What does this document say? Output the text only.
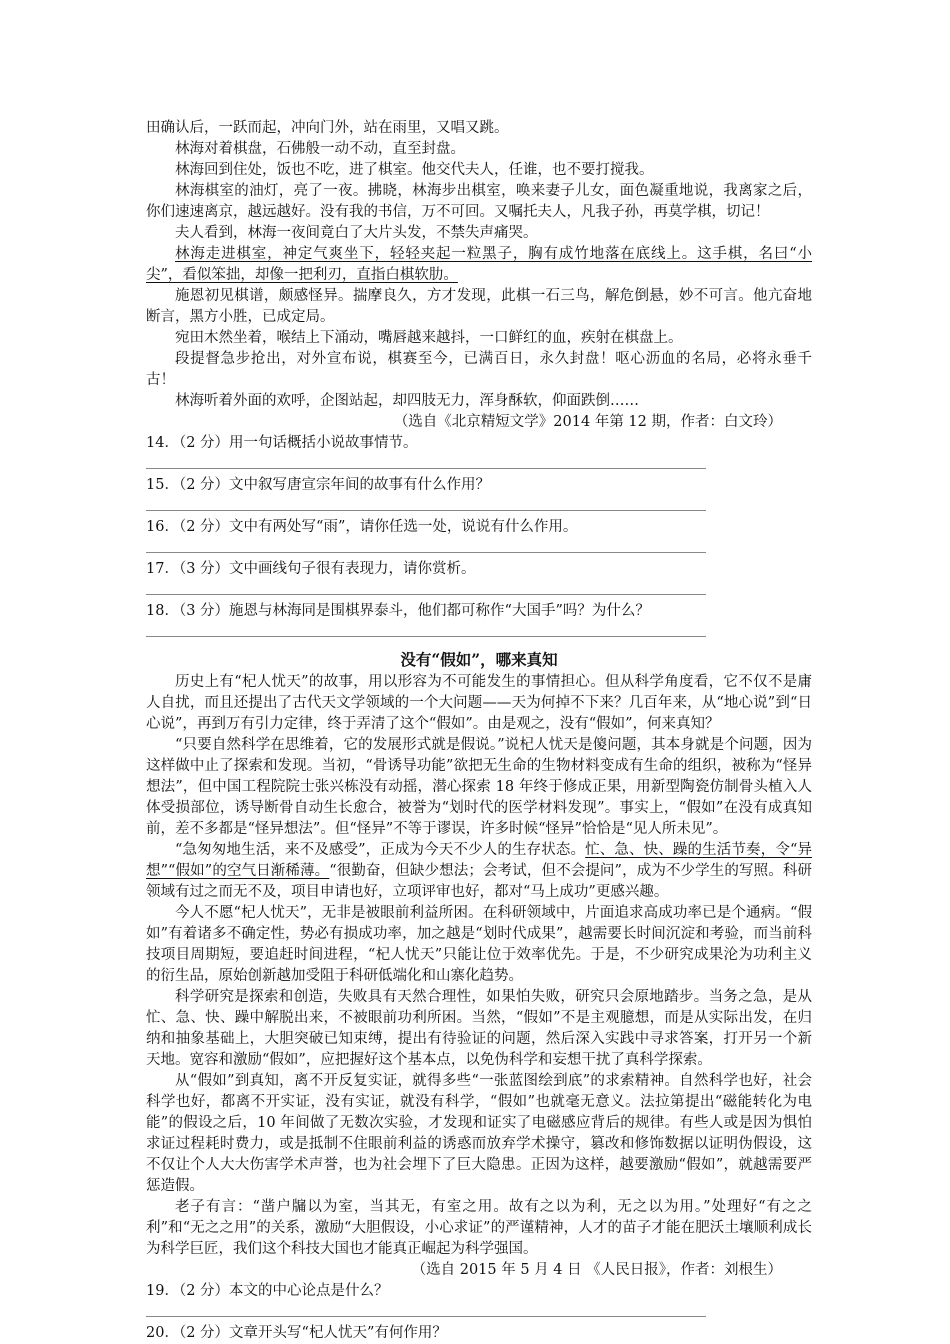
田确认后，一跃而起，冲向门外，站在雨里，又唱又跳。

林海对着棋盘，石佛般一动不动，直至封盘。

林海回到住处，饭也不吃，进了棋室。他交代夫人，任谁，也不要打搅我。

林海棋室的油灯，亮了一夜。拂晓，林海步出棋室，唤来妻子儿女，面色凝重地说，我离家之后，你们速速离京，越远越好。没有我的书信，万不可回。又嘱托夫人，凡我子孙，再莫学棋，切记！

夫人看到，林海一夜间竟白了大片头发，不禁失声痛哭。

林海走进棋室，神定气爽坐下，轻轻夹起一粒黑子，胸有成竹地落在底线上。这手棋，名曰“小尖”，看似笨拙，却像一把利刃，直指白棋软肋。

施恩初见棋谱，颇感怪异。揣摩良久，方才发现，此棋一石三鸟，解危倒悬，妙不可言。他亢奋地断言，黑方小胜，已成定局。

宛田木然坐着，喉结上下涌动，嘴唇越来越抖，一口鲜红的血，疾射在棋盘上。

段提督急步抢出，对外宣布说，棋赛至今，已满百日，永久封盘！呕心沥血的名局，必将永垂千古！

林海听着外面的欢呼，企图站起，却四肢无力，浑身酥软，仰面跌倒……

（选自《北京精短文学》2014 年第 12 期，作者：白文玲）

14．（2 分）用一句话概括小说故事情节。

15．（2 分）文中叙写唐宣宗年间的故事有什么作用？

16．（2 分）文中有两处写“雨”，请你任选一处，说说有什么作用。

17．（3 分）文中画线句子很有表现力，请你赏析。

18．（3 分）施恩与林海同是围棋界泰斗，他们都可称作“大国手”吗？为什么？

没有“假如”，哪来真知

历史上有“杞人忧天”的故事，用以形容为不可能发生的事情担心。但从科学角度看，它不仅不是庸人自扰，而且还提出了古代天文学领域的一个大问题——天为何掉不下来？几百年来，从“地心说”到“日心说”，再到万有引力定律，终于弄清了这个“假如”。由是观之，没有“假如”，何来真知？

“只要自然科学在思维着，它的发展形式就是假说。”说杞人忧天是傻问题，其本身就是个问题，因为这样做中止了探索和发现。当初，“骨诱导功能”欲把无生命的生物材料变成有生命的组织，被称为“怪异想法”，但中国工程院院士张兴栋没有动摇，潜心探索 18 年终于修成正果，用新型陶瓷仿制骨头植入人体受损部位，诱导断骨自动生长愈合，被誉为“划时代的医学材料发现”。事实上，“假如”在没有成真知前，差不多都是“怪异想法”。但“怪异”不等于谬误，许多时候“怪异”恰恰是“见人所未见”。

“急匆匆地生活，来不及感受”，正成为今天不少人的生存状态。忙、急、快、躁的生活节奏，令“异想”“假如”的空气日渐稀薄。“很勤奋，但缺少想法；会考试，但不会提问”，成为不少学生的写照。科研领域有过之而无不及，项目申请也好，立项评审也好，都对“马上成功”更感兴趣。

今人不愿“杞人忧天”，无非是被眼前利益所困。在科研领域中，片面追求高成功率已是个通病。“假如”有着诸多不确定性，势必有损成功率，加之越是“划时代成果”，越需要长时间沉淀和考验，而当前科技项目周期短，要追赶时间进程，“杞人忧天”只能让位于效率优先。于是，不少研究成果沦为功利主义的衍生品，原始创新越加受阻于科研低端化和山寨化趋势。

科学研究是探索和创造，失败具有天然合理性，如果怕失败，研究只会原地踏步。当务之急，是从忙、急、快、躁中解脱出来，不被眼前功利所困。当然，“假如”不是主观臆想，而是从实际出发，在归纳和抽象基础上，大胆突破已知束缚，提出有待验证的问题，然后深入实践中寻求答案，打开另一个新天地。宽容和激励“假如”，应把握好这个基本点，以免伪科学和妄想干扰了真科学探索。

从“假如”到真知，离不开反复实证，就得多些“一张蓝图绘到底”的求索精神。自然科学也好，社会科学也好，都离不开实证，没有实证，就没有科学，“假如”也就毫无意义。法拉第提出“磁能转化为电能”的假设之后，10 年间做了无数次实验，才发现和证实了电磁感应背后的规律。有些人或是因为惧怕求证过程耗时费力，或是抵制不住眼前利益的诱惑而放弃学术操守，篡改和修饰数据以证明伪假设，这不仅让个人大大伤害学术声誉，也为社会埋下了巨大隐患。正因为这样，越要激励“假如”，就越需要严惩造假。

老子有言：“凿户牖以为室，当其无，有室之用。故有之以为利，无之以为用。”处理好“有之之利”和“无之之用”的关系，激励“大胆假设，小心求证”的严谨精神，人才的苗子才能在肥沃土壤顺利成长为科学巨匠，我们这个科技大国也才能真正崛起为科学强国。

（选自 2015 年 5 月 4 日 《人民日报》，作者：刘根生）

19．（2 分）本文的中心论点是什么？

20．（2 分）文章开头写“杞人忧天”有何作用？
